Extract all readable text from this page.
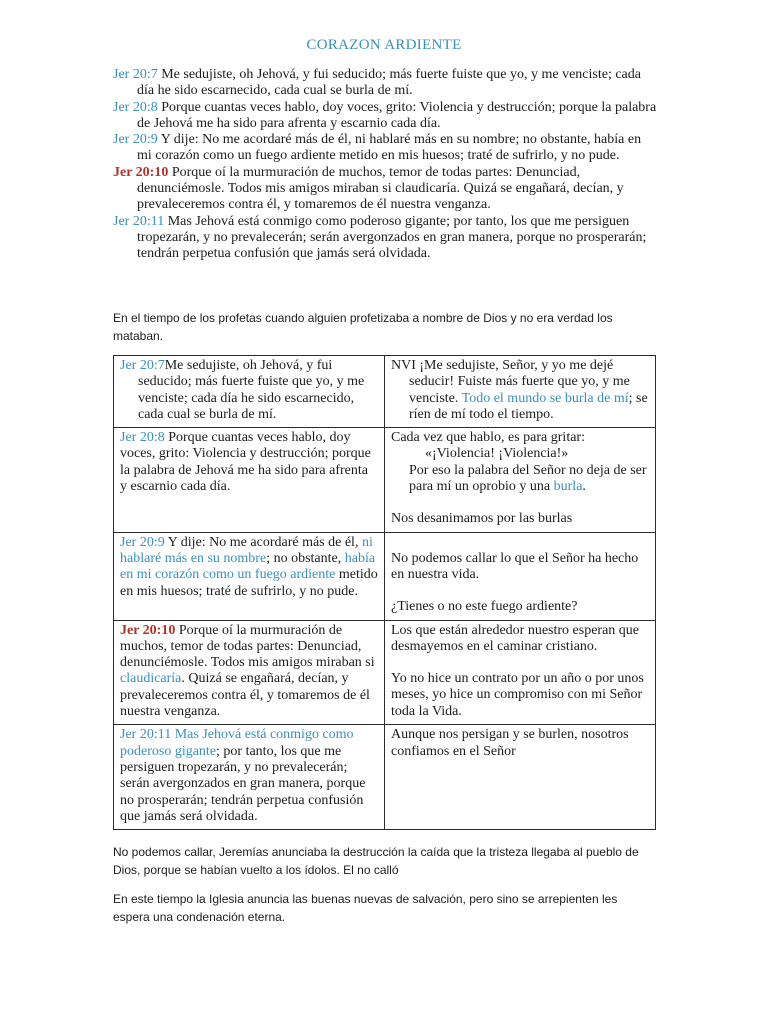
CORAZON ARDIENTE

Jer 20:7 Me sedujiste, oh Jehová, y fui seducido; más fuerte fuiste que yo, y me venciste; cada día he sido escarnecido, cada cual se burla de mí.

Jer 20:8 Porque cuantas veces hablo, doy voces, grito: Violencia y destrucción; porque la palabra de Jehová me ha sido para afrenta y escarnio cada día.

Jer 20:9 Y dije: No me acordaré más de él, ni hablaré más en su nombre; no obstante, había en mi corazón como un fuego ardiente metido en mis huesos; traté de sufrirlo, y no pude.

Jer 20:10 Porque oí la murmuración de muchos, temor de todas partes: Denunciad, denunciémosle. Todos mis amigos miraban si claudicaría. Quizá se engañará, decían, y prevaleceremos contra él, y tomaremos de él nuestra venganza.

Jer 20:11 Mas Jehová está conmigo como poderoso gigante; por tanto, los que me persiguen tropezarán, y no prevalecerán; serán avergonzados en gran manera, porque no prosperarán; tendrán perpetua confusión que jamás será olvidada.

En el tiempo de los profetas cuando alguien profetizaba a nombre de Dios y no era verdad los mataban.

Jer 20:7Me sedujiste, oh Jehová, y fui seducido; más fuerte fuiste que yo, y me venciste; cada día he sido escarnecido, cada cual se burla de mí.	NVI ¡Me sedujiste, Señor, y yo me dejé seducir! Fuiste más fuerte que yo, y me venciste. Todo el mundo se burla de mí; se ríen de mí todo el tiempo.

Jer 20:8 Porque cuantas veces hablo, doy voces, grito: Violencia y destrucción; porque la palabra de Jehová me ha sido para afrenta y escarnio cada día.	Cada vez que hablo, es para gritar:

«¡Violencia! ¡Violencia!»

Por eso la palabra del Señor no deja de ser para mí un oprobio y una burla.

Nos desanimamos por las burlas

Jer 20:9 Y dije: No me acordaré más de él, ni hablaré más en su nombre; no obstante, había en mi corazón como un fuego ardiente metido en mis huesos; traté de sufrirlo, y no pude.	No podemos callar lo que el Señor ha hecho en nuestra vida.

¿Tienes o no este fuego ardiente?

Jer 20:10 Porque oí la murmuración de muchos, temor de todas partes: Denunciad, denunciémosle. Todos mis amigos miraban si claudicaría. Quizá se engañará, decían, y prevaleceremos contra él, y tomaremos de él nuestra venganza.	Los que están alrededor nuestro esperan que desmayemos en el caminar cristiano.

Yo no hice un contrato por un año o por unos meses, yo hice un compromiso con mi Señor toda la Vida.

Jer 20:11 Mas Jehová está conmigo como poderoso gigante; por tanto, los que me persiguen tropezarán, y no prevalecerán; serán avergonzados en gran manera, porque no prosperarán; tendrán perpetua confusión que jamás será olvidada.	Aunque nos persigan y se burlen, nosotros confiamos en el Señor

No podemos callar, Jeremías anunciaba la destrucción la caída que la tristeza llegaba al pueblo de Dios, porque se habían vuelto a los ídolos. El no calló
En este tiempo la Iglesia anuncia las buenas nuevas de salvación, pero sino se arrepienten les espera una condenación eterna.
